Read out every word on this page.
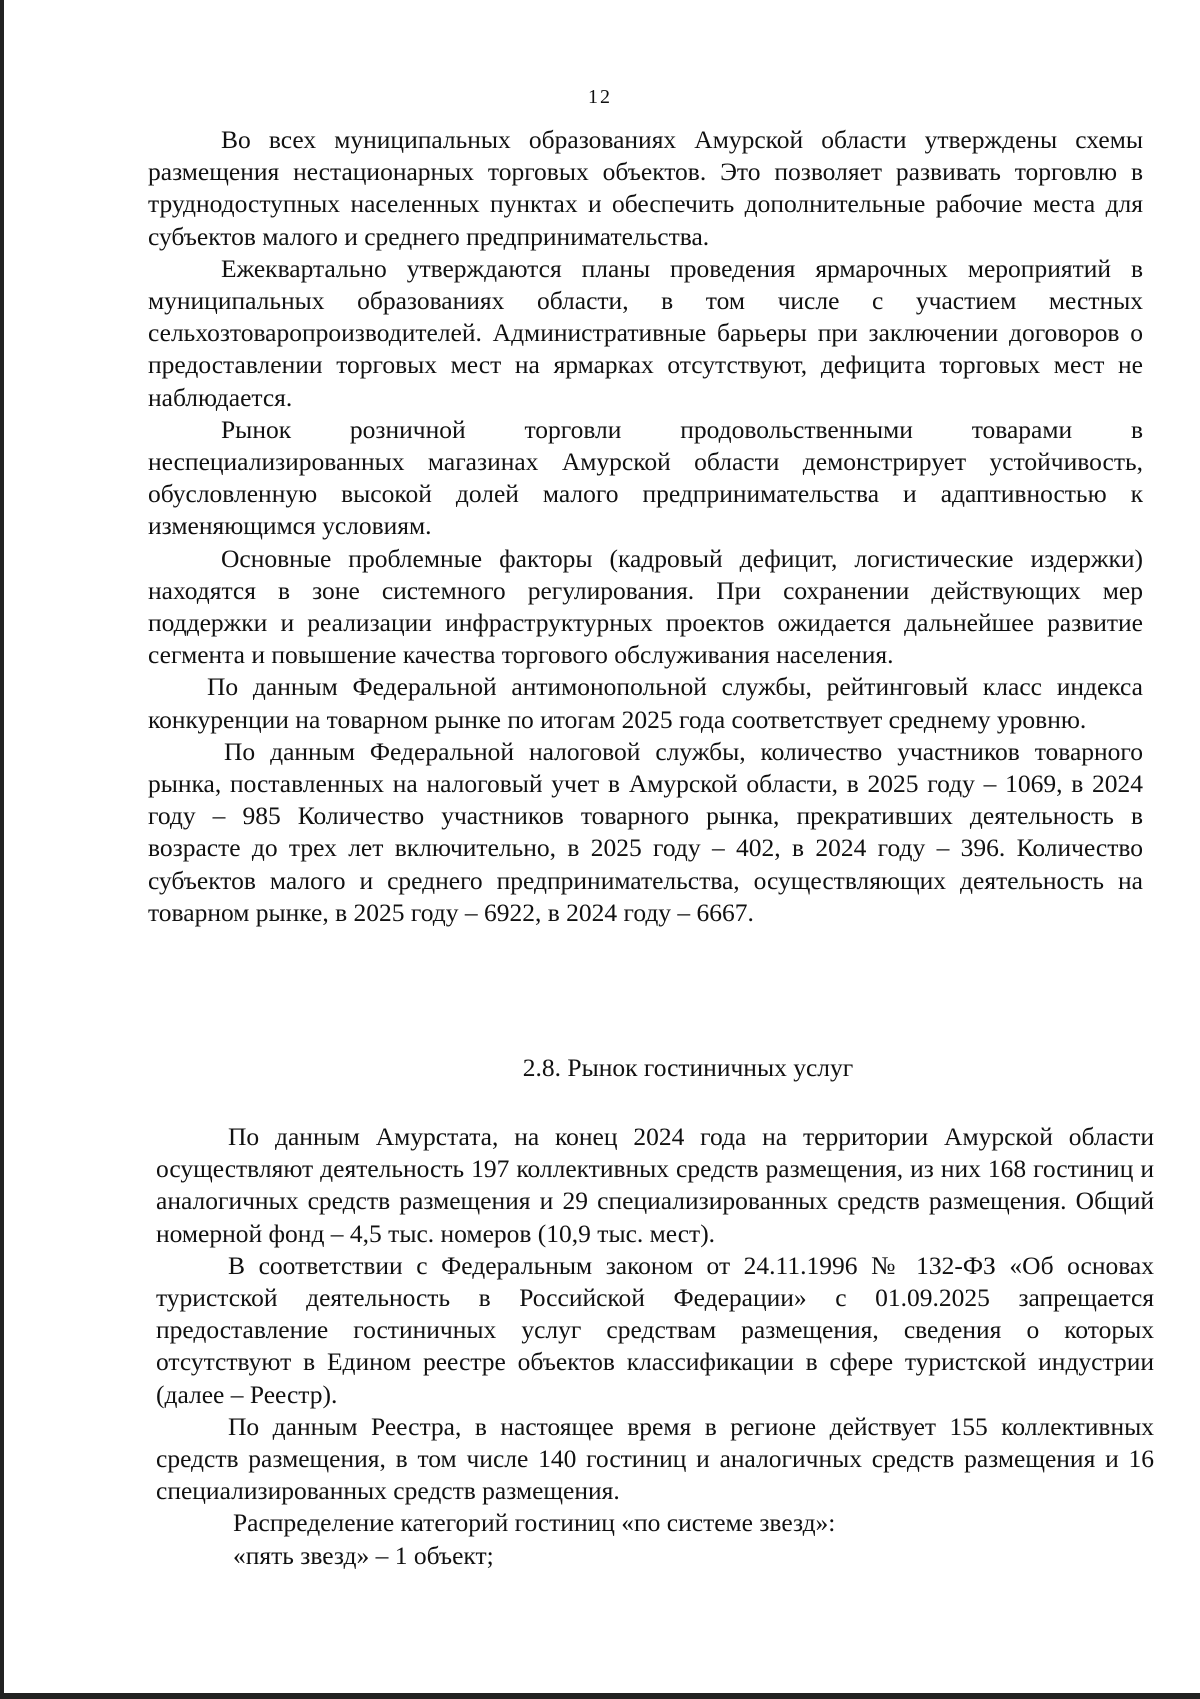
12

Во всех муниципальных образованиях Амурской области утверждены схемы размещения нестационарных торговых объектов. Это позволяет развивать торговлю в труднодоступных населенных пунктах и обеспечить дополнительные рабочие места для субъектов малого и среднего предпринимательства.

Ежеквартально утверждаются планы проведения ярмарочных мероприятий в муниципальных образованиях области, в том числе с участием местных сельхозтоваропроизводителей. Административные барьеры при заключении договоров о предоставлении торговых мест на ярмарках отсутствуют, дефицита торговых мест не наблюдается.

Рынок розничной торговли продовольственными товарами в неспециализированных магазинах Амурской области демонстрирует устойчивость, обусловленную высокой долей малого предпринимательства и адаптивностью к изменяющимся условиям.

Основные проблемные факторы (кадровый дефицит, логистические издержки) находятся в зоне системного регулирования. При сохранении действующих мер поддержки и реализации инфраструктурных проектов ожидается дальнейшее развитие сегмента и повышение качества торгового обслуживания населения.

По данным Федеральной антимонопольной службы, рейтинговый класс индекса конкуренции на товарном рынке по итогам 2025 года соответствует среднему уровню.

По данным Федеральной налоговой службы, количество участников товарного рынка, поставленных на налоговый учет в Амурской области, в 2025 году – 1069, в 2024 году – 985 Количество участников товарного рынка, прекративших деятельность в возрасте до трех лет включительно, в 2025 году – 402, в 2024 году – 396. Количество субъектов малого и среднего предпринимательства, осуществляющих деятельность на товарном рынке, в 2025 году – 6922, в 2024 году – 6667.

2.8. Рынок гостиничных услуг

По данным Амурстата, на конец 2024 года на территории Амурской области осуществляют деятельность 197 коллективных средств размещения, из них 168 гостиниц и аналогичных средств размещения и 29 специализированных средств размещения. Общий номерной фонд – 4,5 тыс. номеров (10,9 тыс. мест).

В соответствии с Федеральным законом от 24.11.1996 № 132-ФЗ «Об основах туристской деятельность в Российской Федерации» с 01.09.2025 запрещается предоставление гостиничных услуг средствам размещения, сведения о которых отсутствуют в Едином реестре объектов классификации в сфере туристской индустрии (далее – Реестр).

По данным Реестра, в настоящее время в регионе действует 155 коллективных средств размещения, в том числе 140 гостиниц и аналогичных средств размещения и 16 специализированных средств размещения.

Распределение категорий гостиниц «по системе звезд»:

«пять звезд» – 1 объект;
